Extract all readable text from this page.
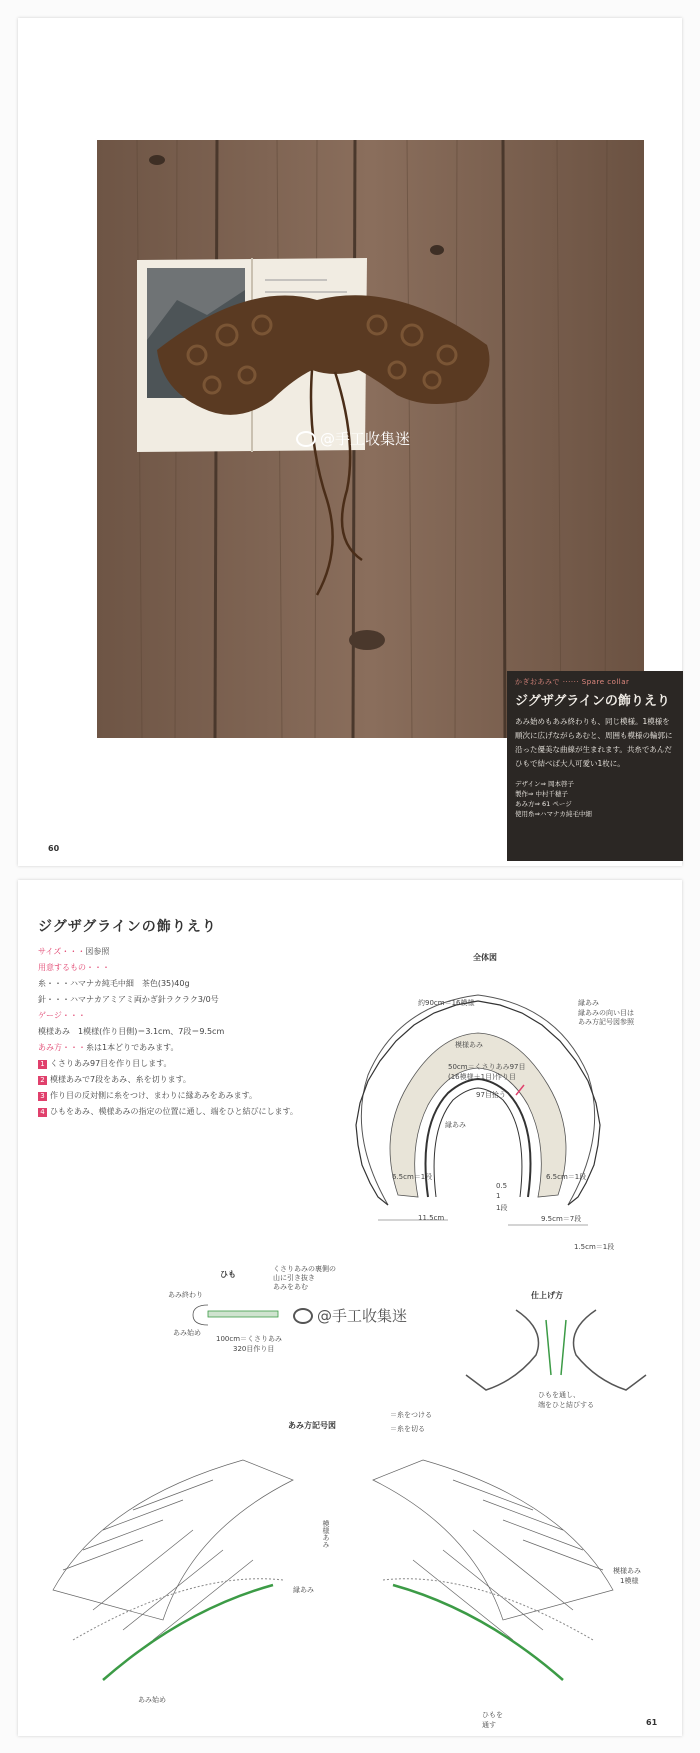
@手工收集迷
かぎおあみで ······ Spare collar
ジグザグラインの飾りえり
あみ始めもあみ終わりも、同じ模様。1模様を順次に広げながらあむと、周囲も模様の輪郭に沿った優美な曲線が生まれます。共糸であんだひもで結べば大人可愛い1枚に。
デザイン⇒ 岡本啓子
製作⇒ 中村千穂子
あみ方⇒ 61 ページ
使用糸⇒ハマナカ純毛中細
60
ジグザグラインの飾りえり
サイズ・・・図参照
用意するもの・・・
糸・・・ハマナカ純毛中細　茶色(35)40g
針・・・ハマナカアミアミ両かぎ針ラクラク3/0号
ゲージ・・・
模様あみ　1模様(作り目側)＝3.1cm、7段＝9.5cm
あみ方・・・糸は1本どりであみます。
1 くさりあみ97目を作り目します。
2 模様あみで7段をあみ、糸を切ります。
3 作り目の反対側に糸をつけ、まわりに縁あみをあみます。
4 ひもをあみ、模様あみの指定の位置に通し、端をひと結びにします。
全体図
約90cm＝16模様	縁あみ
縁あみの向い目は
あみ方記号図参照
模様あみ
50cm＝くさりあみ97目
(16模様＋1目)作り目
97目拾う
縁あみ
6.5cm＝1段	6.5cm＝1段
0.5
1
1段
11.5cm	9.5cm＝7段
1.5cm＝1段
ひも
くさりあみの裏側の
山に引き抜き
あみをあむ
あみ終わり
あみ始め
100cm＝くさりあみ
320目作り目
@手工收集迷
仕上げ方
ひもを通し、
端をひと結びする
あみ方記号図
＝糸をつける
＝糸を切る
模様あみ
縁あみ
模様あみ
1模様
あみ始め
ひもを
通す	61
